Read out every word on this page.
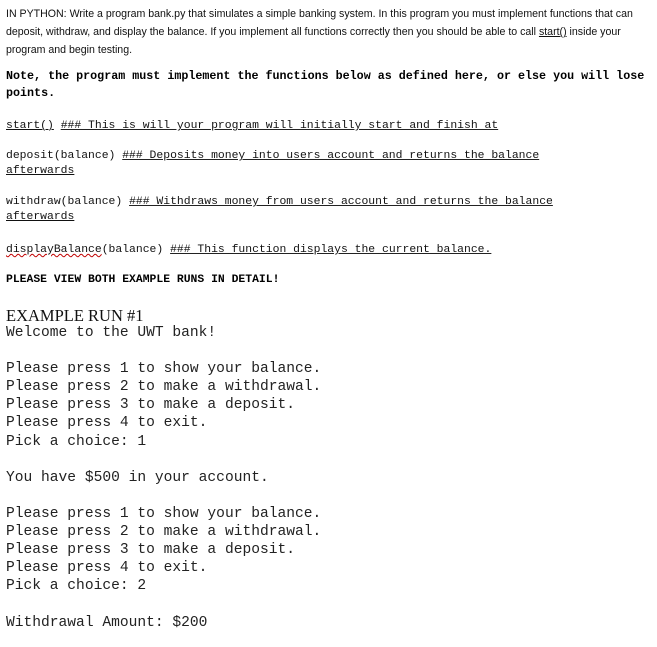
IN PYTHON: Write a program bank.py that simulates a simple banking system. In this program you must implement functions that can deposit, withdraw, and display the balance. If you implement all functions correctly then you should be able to call start() inside your program and begin testing.
Note, the program must implement the functions below as defined here, or else you will lose points.
start() ### This is will your program will initially start and finish at
deposit(balance) ### Deposits money into users account and returns the balance
afterwards
withdraw(balance) ### Withdraws money from users account and returns the balance
afterwards
displayBalance(balance) ### This function displays the current balance.
PLEASE VIEW BOTH EXAMPLE RUNS IN DETAIL!
EXAMPLE RUN #1
Welcome to the UWT bank!
Please press 1 to show your balance.
Please press 2 to make a withdrawal.
Please press 3 to make a deposit.
Please press 4 to exit.
Pick a choice: 1
You have $500 in your account.
Please press 1 to show your balance.
Please press 2 to make a withdrawal.
Please press 3 to make a deposit.
Please press 4 to exit.
Pick a choice: 2
Withdrawal Amount: $200
